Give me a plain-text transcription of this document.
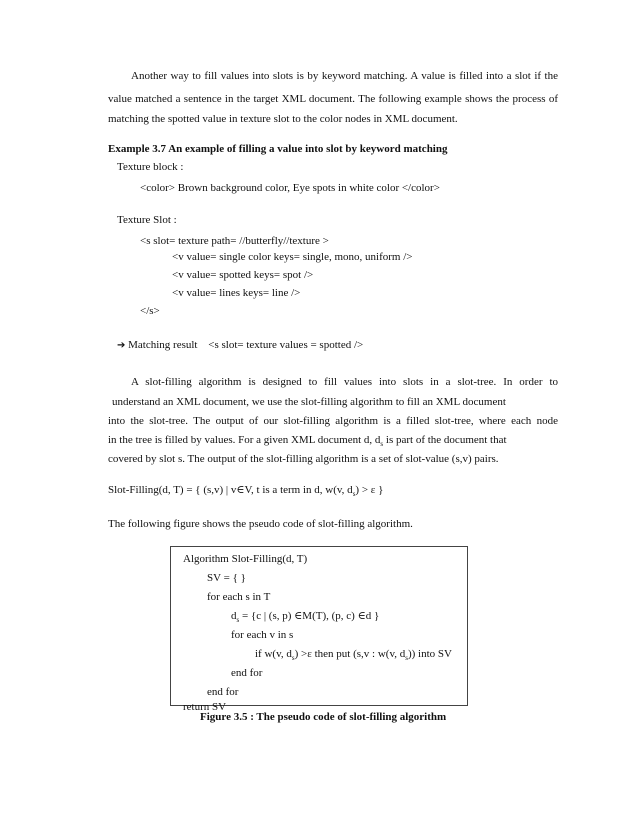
Another way to fill values into slots is by keyword matching. A value is filled into a slot if the
value matched a sentence in the target XML document. The following example shows the process of
matching the spotted value in texture slot to the color nodes in XML document.
Example 3.7 An example of filling a value into slot by keyword matching
Texture block :
<color> Brown background color, Eye spots in white color </color>
Texture Slot :
<s slot= texture path= //butterfly//texture >
<v value= single color keys= single, mono, uniform />
<v value= spotted keys= spot />
<v value= lines keys= line />
</s>
➔ Matching result <s slot= texture values = spotted />
A slot-filling algorithm is designed to fill values into slots in a slot-tree. In order to
understand an XML document, we use the slot-filling algorithm to fill an XML document
into the slot-tree. The output of our slot-filling algorithm is a filled slot-tree, where each node
in the tree is filled by values. For a given XML document d, $d_s$ is part of the document that
covered by slot s. The output of the slot-filling algorithm is a set of slot-value (s,v) pairs.
Slot-Filling(d, T) = { (s,v) | v∈V, t is a term in d, w(v, $d_s) > \varepsilon$ }
The following figure shows the pseudo code of slot-filling algorithm.
Algorithm Slot-Filling(d, T)
SV = { }
for each s in T
$d_s = \{c$ | (s, p) ∈M(T), (p, c) ∈d }
for each v in s
if w(v, $d_s) >\varepsilon$ then put (s,v : w(v, $d_s$)) into SV
end for
end for
return SV
Figure 3.5 : The pseudo code of slot-filling algorithm
